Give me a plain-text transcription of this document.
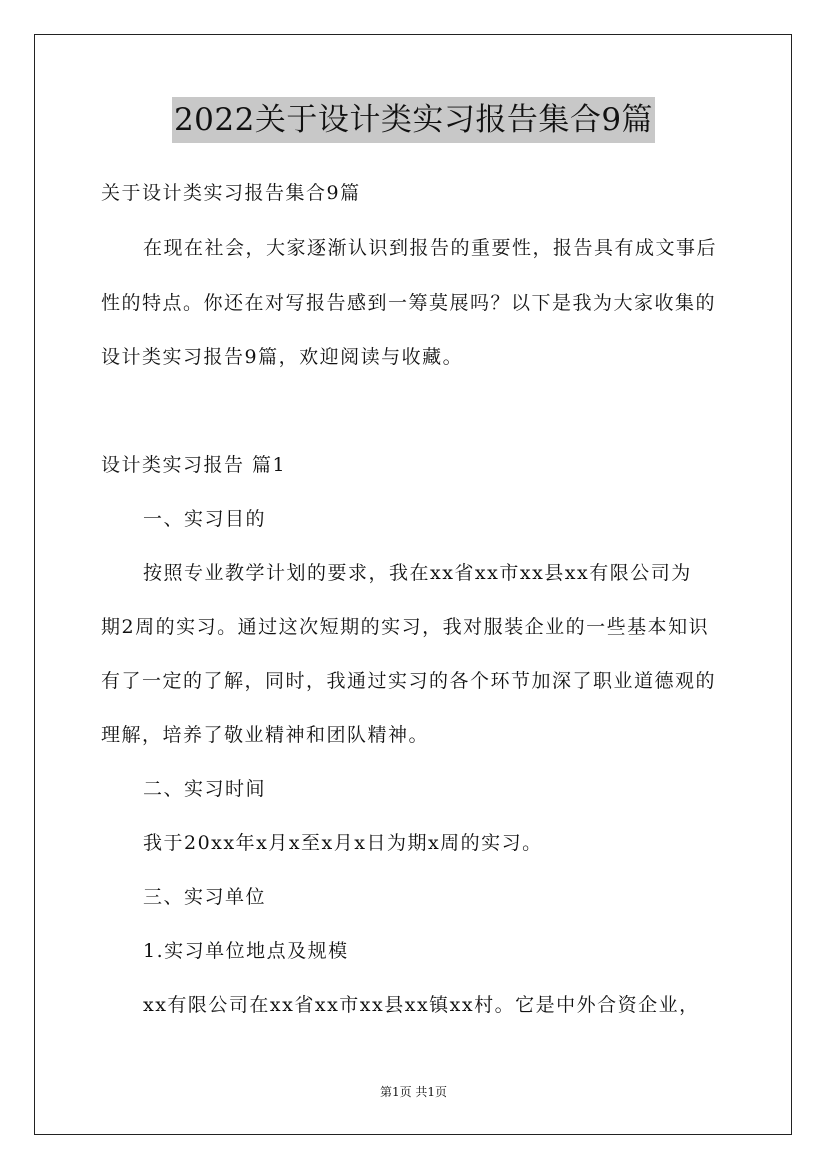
2022关于设计类实习报告集合9篇
关于设计类实习报告集合9篇
在现在社会，大家逐渐认识到报告的重要性，报告具有成文事后
性的特点。你还在对写报告感到一筹莫展吗？以下是我为大家收集的
设计类实习报告9篇，欢迎阅读与收藏。
设计类实习报告 篇1
一、实习目的
按照专业教学计划的要求，我在xx省xx市xx县xx有限公司为
期2周的实习。通过这次短期的实习，我对服装企业的一些基本知识
有了一定的了解，同时，我通过实习的各个环节加深了职业道德观的
理解，培养了敬业精神和团队精神。
二、实习时间
我于20xx年x月x至x月x日为期x周的实习。
三、实习单位
1.实习单位地点及规模
xx有限公司在xx省xx市xx县xx镇xx村。它是中外合资企业，
第1页 共1页
